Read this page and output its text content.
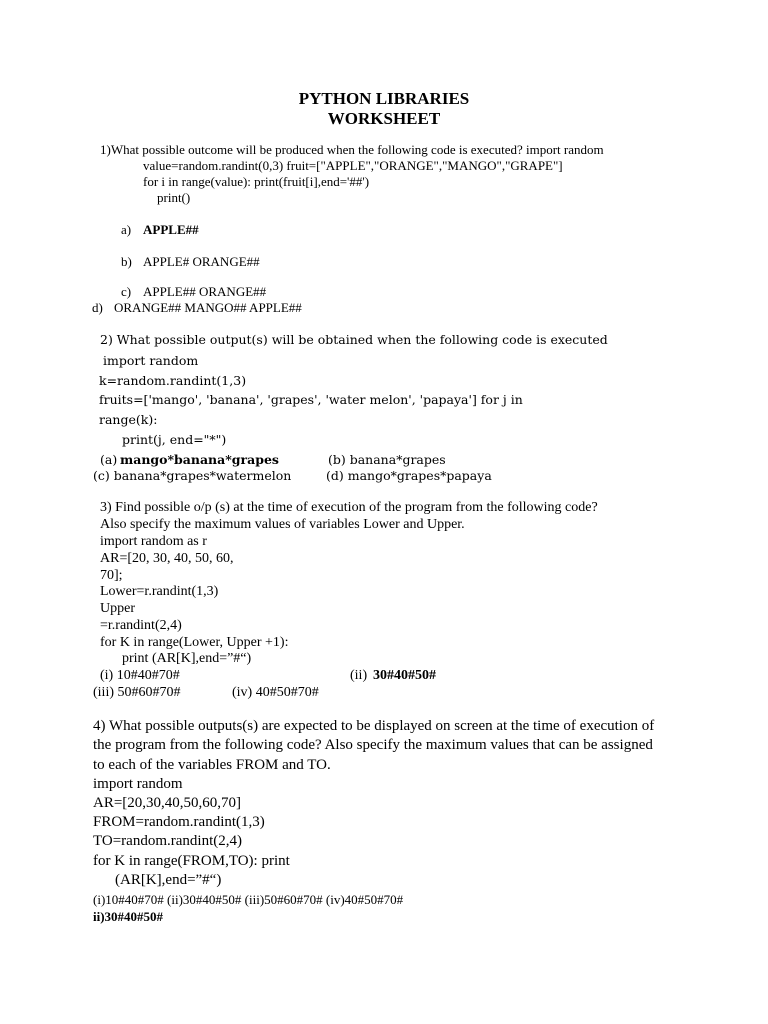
PYTHON LIBRARIES
WORKSHEET
1)What possible outcome will be produced when the following code is executed? import random
value=random.randint(0,3) fruit=["APPLE","ORANGE","MANGO","GRAPE"]
for i in range(value): print(fruit[i],end='##')
print()
a) APPLE##
b) APPLE# ORANGE##
c) APPLE## ORANGE##
d) ORANGE## MANGO## APPLE##
2) What possible output(s) will be obtained when the following code is executed
import random
k=random.randint(1,3)
fruits=['mango', 'banana', 'grapes', 'water melon', 'papaya'] for j in
range(k):
print(j, end="*")
(a) mango*banana*grapes	(b) banana*grapes
(c) banana*grapes*watermelon	(d) mango*grapes*papaya
3) Find possible o/p (s) at the time of execution of the program from the following code?
Also specify the maximum values of variables Lower and Upper.
import random as r
AR=[20, 30, 40, 50, 60,
70];
Lower=r.randint(1,3)
Upper
=r.randint(2,4)
for K in range(Lower, Upper +1):
print (AR[K],end=”#“)
(i) 10#40#70#	(ii) 30#40#50#
(iii) 50#60#70#	(iv) 40#50#70#
4) What possible outputs(s) are expected to be displayed on screen at the time of execution of
the program from the following code? Also specify the maximum values that can be assigned
to each of the variables FROM and TO.
import random
AR=[20,30,40,50,60,70]
FROM=random.randint(1,3)
TO=random.randint(2,4)
for K in range(FROM,TO): print
(AR[K],end=”#“)
(i)10#40#70# (ii)30#40#50# (iii)50#60#70# (iv)40#50#70#
ii)30#40#50#
